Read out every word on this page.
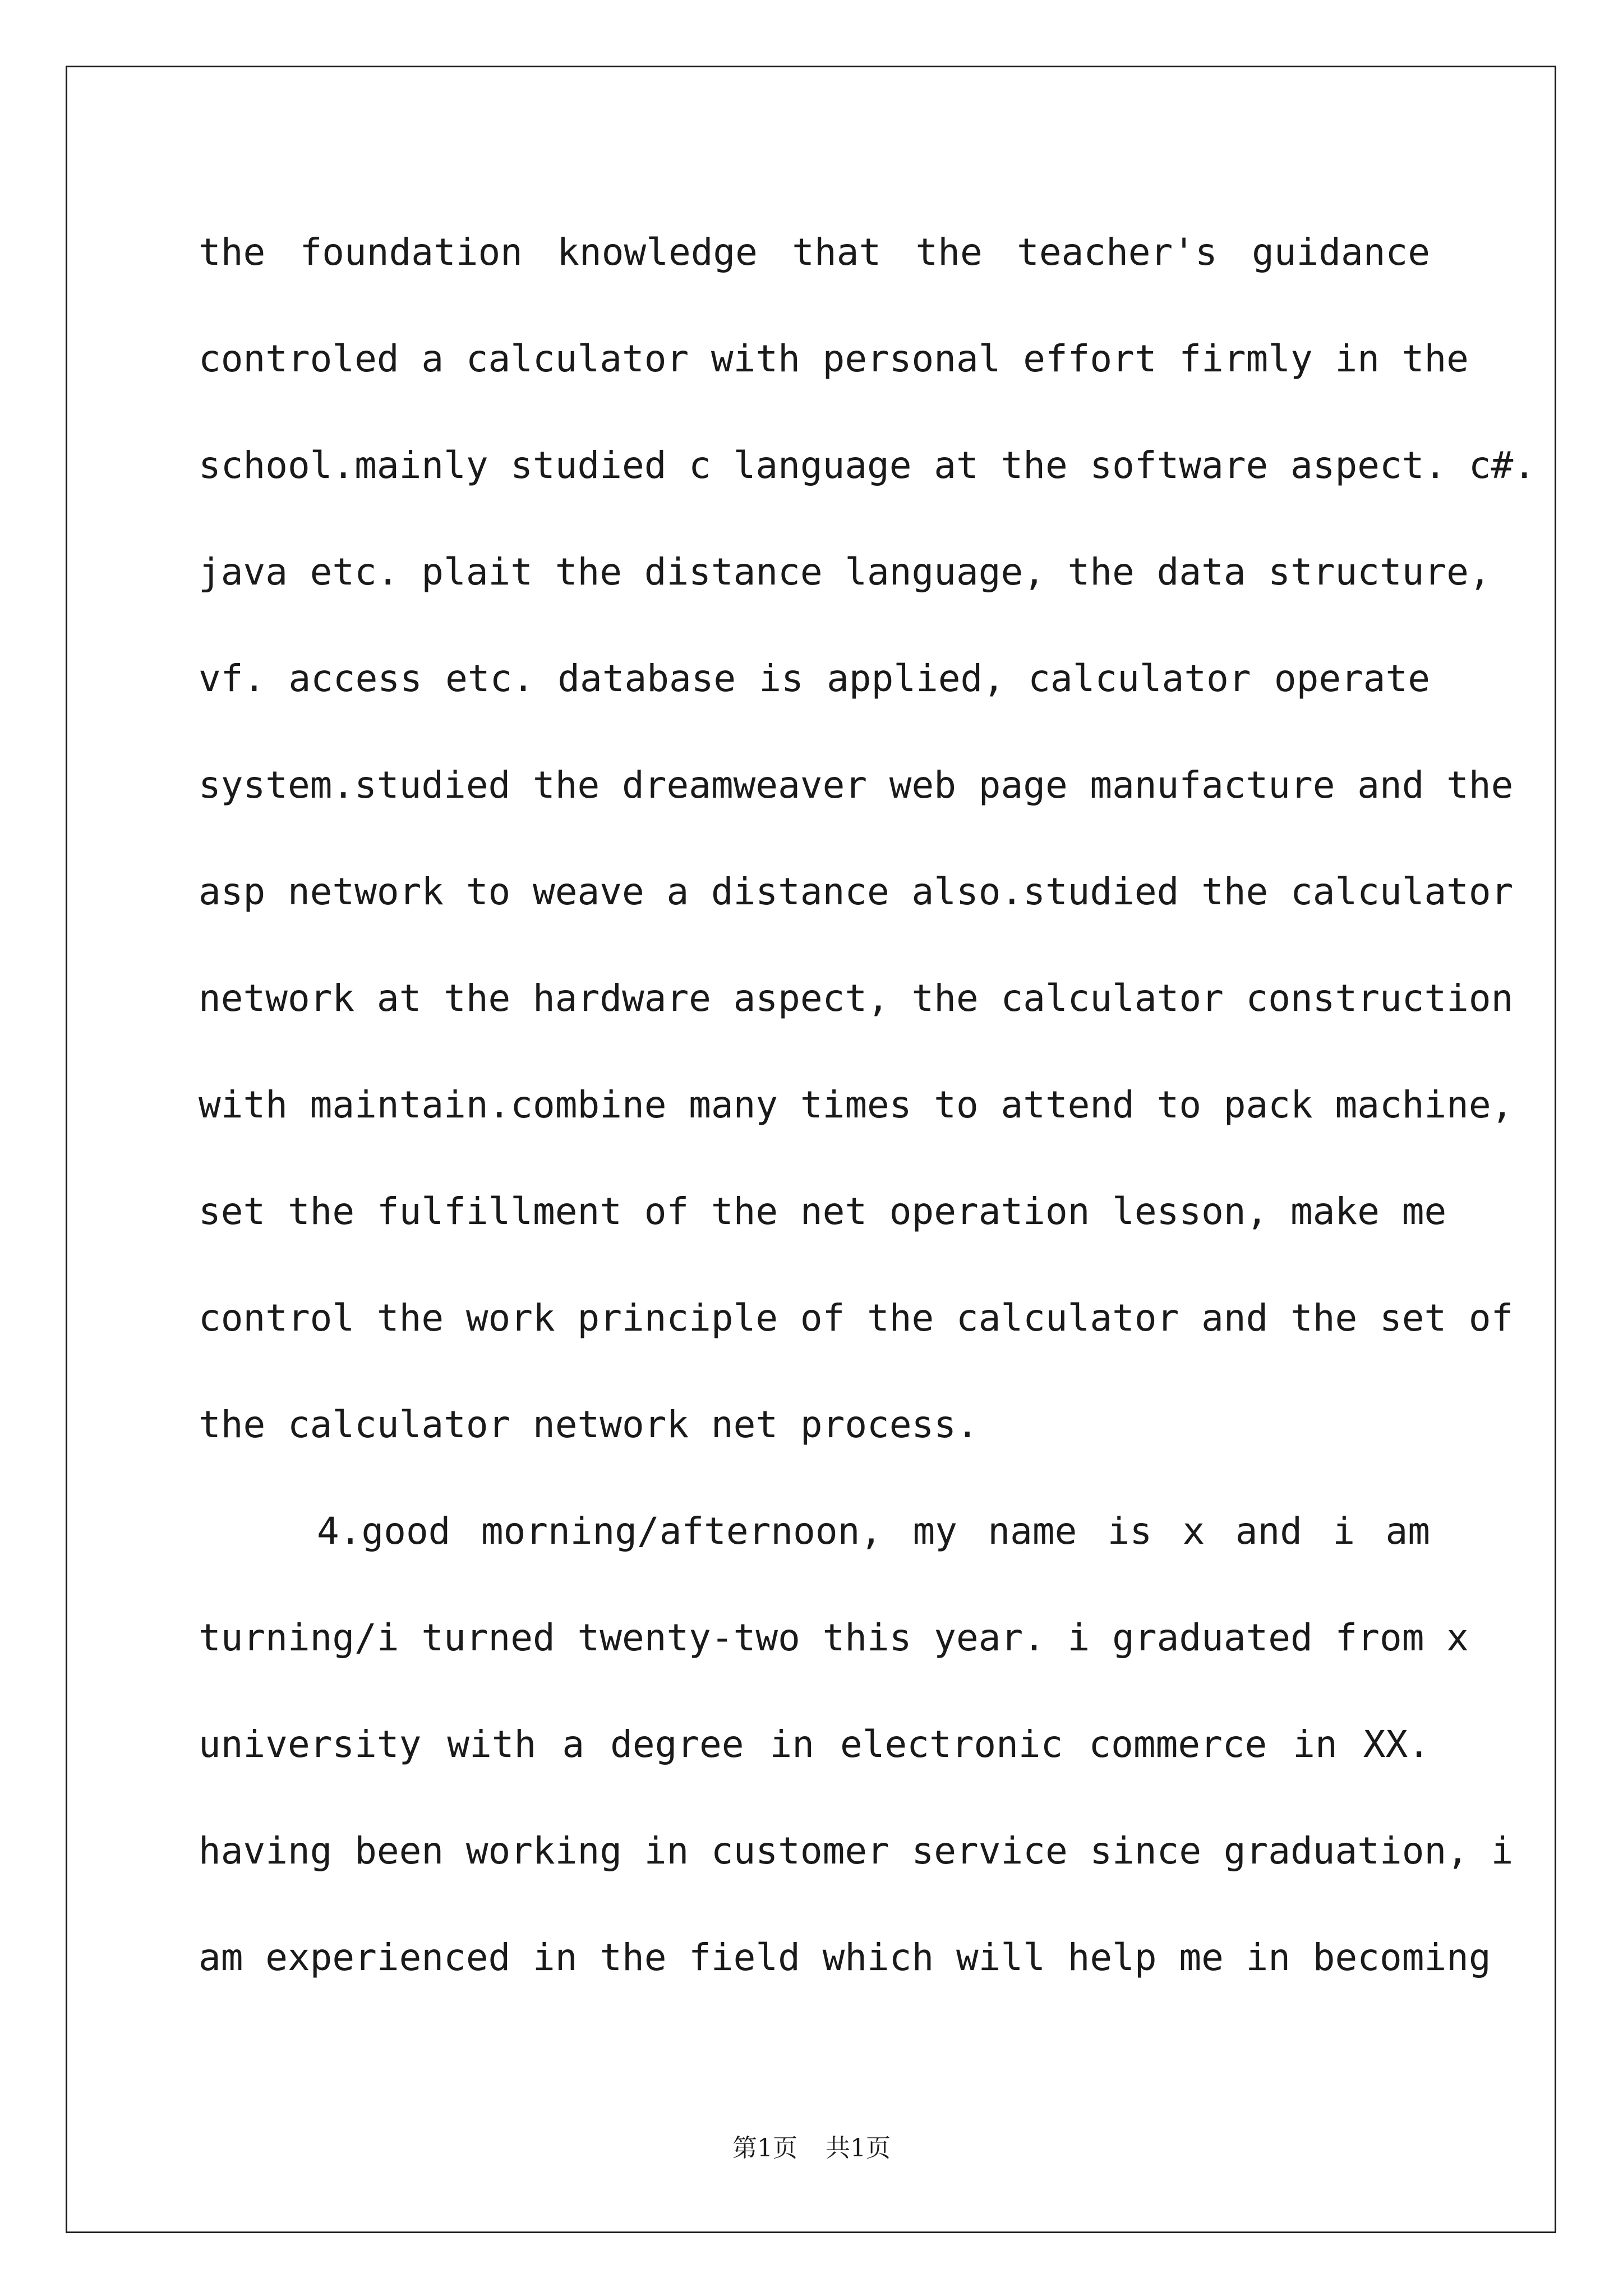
the foundation knowledge that the teacher's guidance
controled a calculator with personal effort firmly in the
school.mainly studied c language at the software aspect. c#.
java etc. plait the distance language, the data structure,
vf. access etc. database is applied, calculator operate
system.studied the dreamweaver web page manufacture and the
asp network to weave a distance also.studied the calculator
network at the hardware aspect, the calculator construction
with maintain.combine many times to attend to pack machine,
set the fulfillment of the net operation lesson, make me
control the work principle of the calculator and the set of
the calculator network net process.
4.good morning/afternoon, my name is x and i am
turning/i turned twenty-two this year. i graduated from x
university with a degree in electronic commerce in XX.
having been working in customer service since graduation, i
am experienced in the field which will help me in becoming
第1页 共1页
